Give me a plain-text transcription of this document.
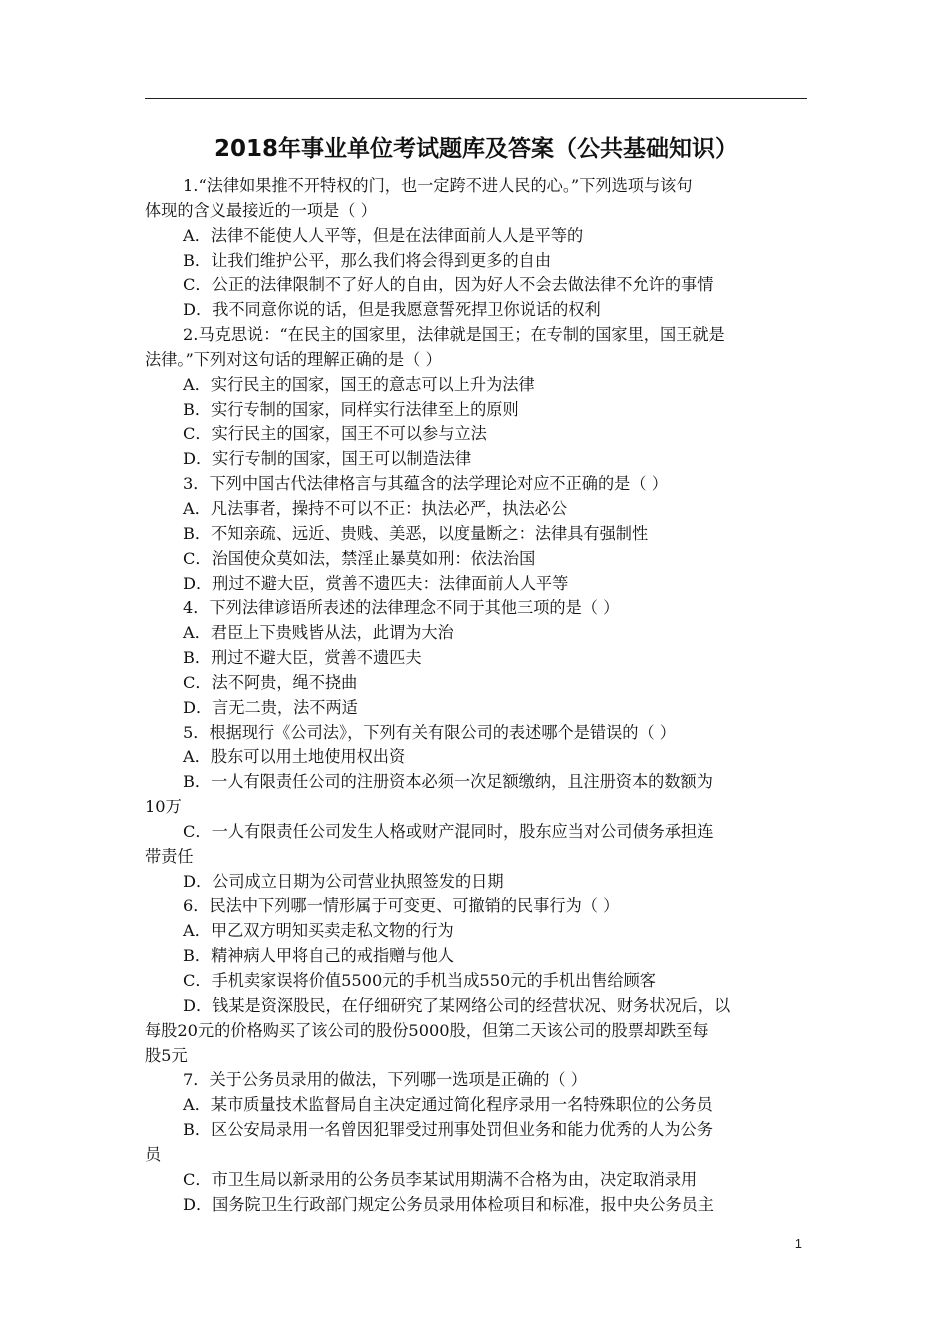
2018年事业单位考试题库及答案（公共基础知识）
1.“法律如果推不开特权的门，也一定跨不进人民的心。”下列选项与该句
体现的含义最接近的一项是（ ）
A．法律不能使人人平等，但是在法律面前人人是平等的
B．让我们维护公平，那么我们将会得到更多的自由
C．公正的法律限制不了好人的自由，因为好人不会去做法律不允许的事情
D．我不同意你说的话，但是我愿意誓死捍卫你说话的权利
2.马克思说：“在民主的国家里，法律就是国王；在专制的国家里，国王就是
法律。”下列对这句话的理解正确的是（ ）
A．实行民主的国家，国王的意志可以上升为法律
B．实行专制的国家，同样实行法律至上的原则
C．实行民主的国家，国王不可以参与立法
D．实行专制的国家，国王可以制造法律
3．下列中国古代法律格言与其蕴含的法学理论对应不正确的是（ ）
A．凡法事者，操持不可以不正：执法必严，执法必公
B．不知亲疏、远近、贵贱、美恶，以度量断之：法律具有强制性
C．治国使众莫如法，禁淫止暴莫如刑：依法治国
D．刑过不避大臣，赏善不遗匹夫：法律面前人人平等
4．下列法律谚语所表述的法律理念不同于其他三项的是（ ）
A．君臣上下贵贱皆从法，此谓为大治
B．刑过不避大臣，赏善不遗匹夫
C．法不阿贵，绳不挠曲
D．言无二贵，法不两适
5．根据现行《公司法》，下列有关有限公司的表述哪个是错误的（ ）
A．股东可以用土地使用权出资
B．一人有限责任公司的注册资本必须一次足额缴纳，且注册资本的数额为
10万
C．一人有限责任公司发生人格或财产混同时，股东应当对公司债务承担连
带责任
D．公司成立日期为公司营业执照签发的日期
6．民法中下列哪一情形属于可变更、可撤销的民事行为（ ）
A．甲乙双方明知买卖走私文物的行为
B．精神病人甲将自己的戒指赠与他人
C．手机卖家误将价值5500元的手机当成550元的手机出售给顾客
D．钱某是资深股民，在仔细研究了某网络公司的经营状况、财务状况后，以
每股20元的价格购买了该公司的股份5000股，但第二天该公司的股票却跌至每
股5元
7．关于公务员录用的做法，下列哪一选项是正确的（ ）
A．某市质量技术监督局自主决定通过简化程序录用一名特殊职位的公务员
B．区公安局录用一名曾因犯罪受过刑事处罚但业务和能力优秀的人为公务
员
C．市卫生局以新录用的公务员李某试用期满不合格为由，决定取消录用
D．国务院卫生行政部门规定公务员录用体检项目和标准，报中央公务员主
1
